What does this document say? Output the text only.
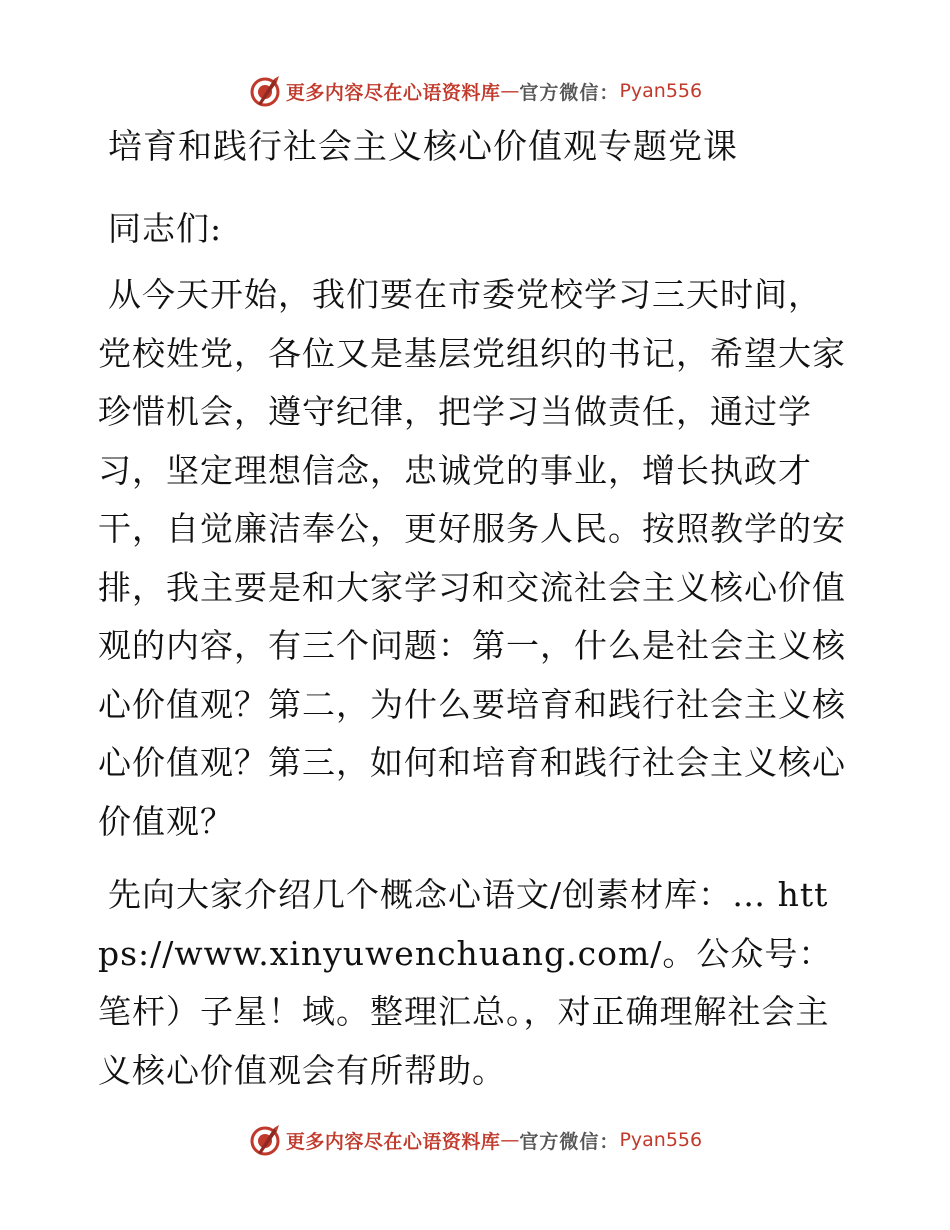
更多内容尽在心语资料库 — 官方微信： Pyan556
培育和践行社会主义核心价值观专题党课

同志们:

从今天开始，我们要在市委党校学习三天时间，党校姓党，各位又是基层党组织的书记，希望大家珍惜机会，遵守纪律，把学习当做责任，通过学习，坚定理想信念，忠诚党的事业，增长执政才干，自觉廉洁奉公，更好服务人民。按照教学的安排，我主要是和大家学习和交流社会主义核心价值观的内容，有三个问题：第一，什么是社会主义核心价值观？第二，为什么要培育和践行社会主义核心价值观？第三，如何和培育和践行社会主义核心价值观？

先向大家介绍几个概念心语文/创素材库：… https://www.xinyuwenchuang.com/。公众号：笔杆）子星！域。整理汇总。，对正确理解社会主义核心价值观会有所帮助。

更多内容尽在心语资料库 — 官方微信： Pyan556
